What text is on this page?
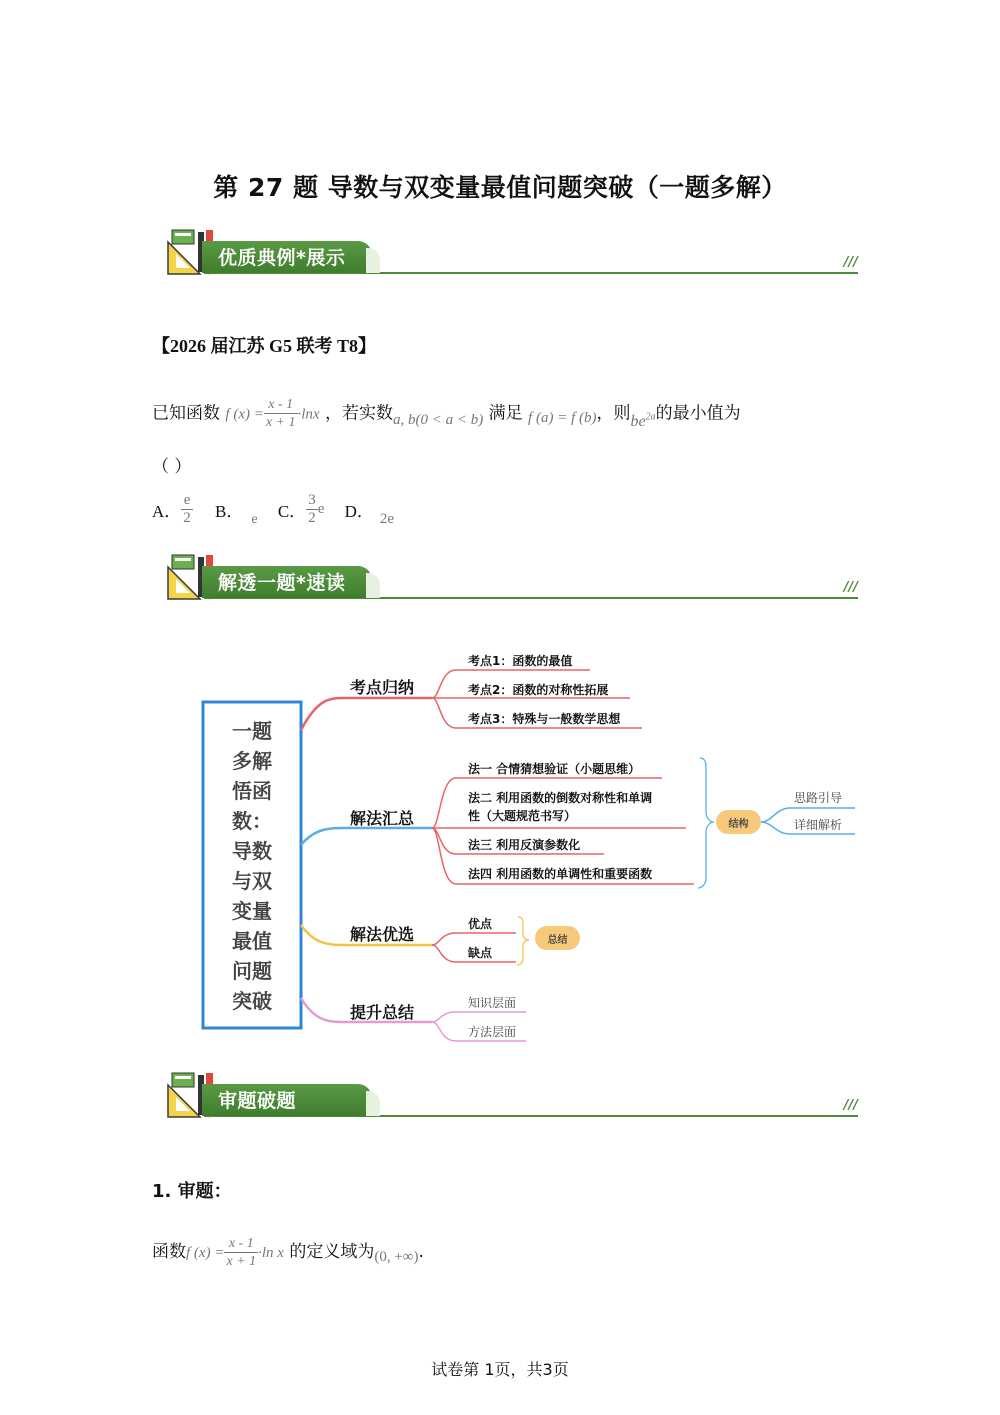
第 27 题 导数与双变量最值问题突破（一题多解）
优质典例*展示	///
【2026 届江苏 G5 联考 T8】
已知函数 f $(x) = \frac{x - 1}{x + 1} \cdot\ln x$ ，若实数a, b(0 < a < b) 满足 f (a) = f (b)，则$be^{2a}$的最小值为
（ ）
A． $\frac{e}{2}$ B． $_e$ C． $\frac{3}{2}$ e D． 2e
解透一题*速读	///
一题
多解
悟函
数：
导数
与双
变量
最值
问题
突破
考点归纳
解法汇总
解法优选
提升总结
考点1：函数的最值
考点2：函数的对称性拓展
考点3：特殊与一般数学思想
法一 合情猜想验证（小题思维）
法二 利用函数的倒数对称性和单调
性（大题规范书写）
法三 利用反演参数化
法四 利用函数的单调性和重要函数
结构
思路引导
详细解析
优点
缺点
总结
知识层面
方法层面
审题破题	///
1. 审题：
函数f $(x) = \frac{x - 1}{x + 1} \cdot\ln$ x 的定义域为(0, +∞).
试卷第 1页，共3页
